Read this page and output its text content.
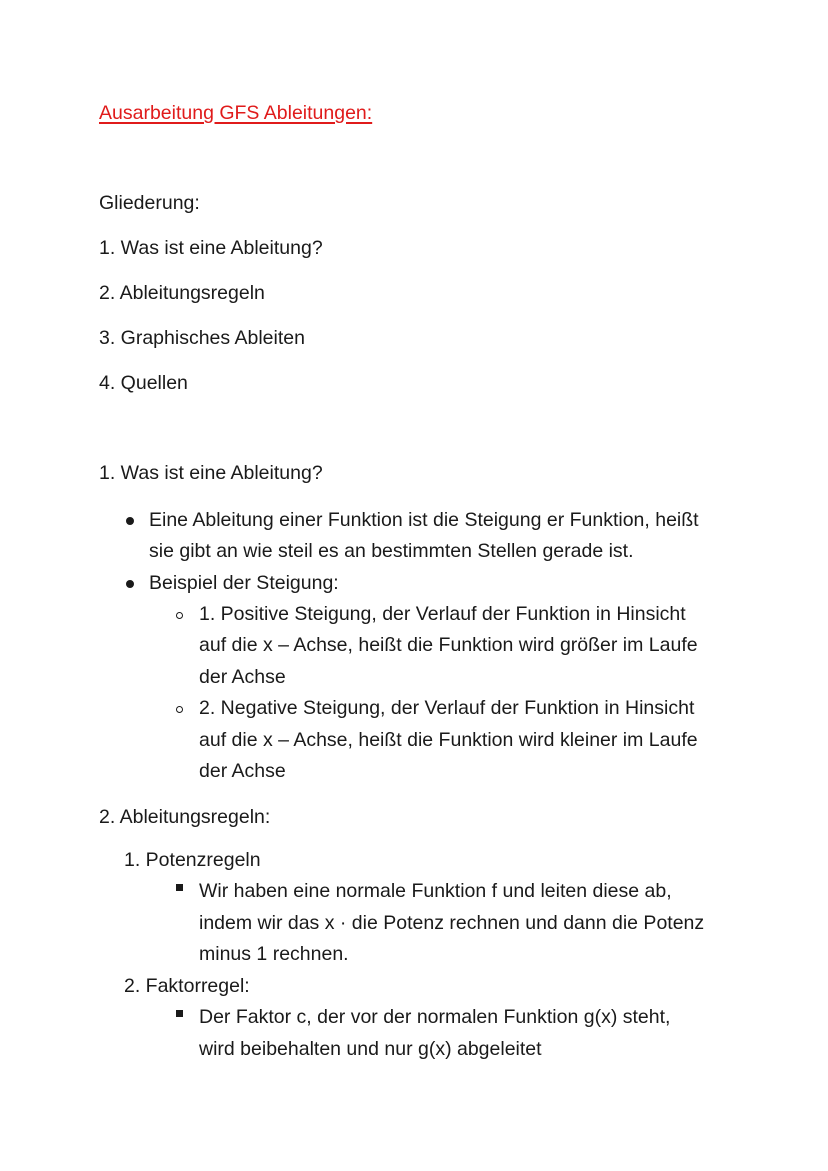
Ausarbeitung GFS Ableitungen:
Gliederung:
1. Was ist eine Ableitung?
2. Ableitungsregeln
3. Graphisches Ableiten
4. Quellen
1. Was ist eine Ableitung?
Eine Ableitung einer Funktion ist die Steigung er Funktion, heißt
sie gibt an wie steil es an bestimmten Stellen gerade ist.
Beispiel der Steigung:
1. Positive Steigung, der Verlauf der Funktion in Hinsicht
auf die x – Achse, heißt die Funktion wird größer im Laufe
der Achse
2. Negative Steigung, der Verlauf der Funktion in Hinsicht
auf die x – Achse, heißt die Funktion wird kleiner im Laufe
der Achse
2. Ableitungsregeln:
1. Potenzregeln
Wir haben eine normale Funktion f und leiten diese ab,
indem wir das x · die Potenz rechnen und dann die Potenz
minus 1 rechnen.
2. Faktorregel:
Der Faktor c, der vor der normalen Funktion g(x) steht,
wird beibehalten und nur g(x) abgeleitet
